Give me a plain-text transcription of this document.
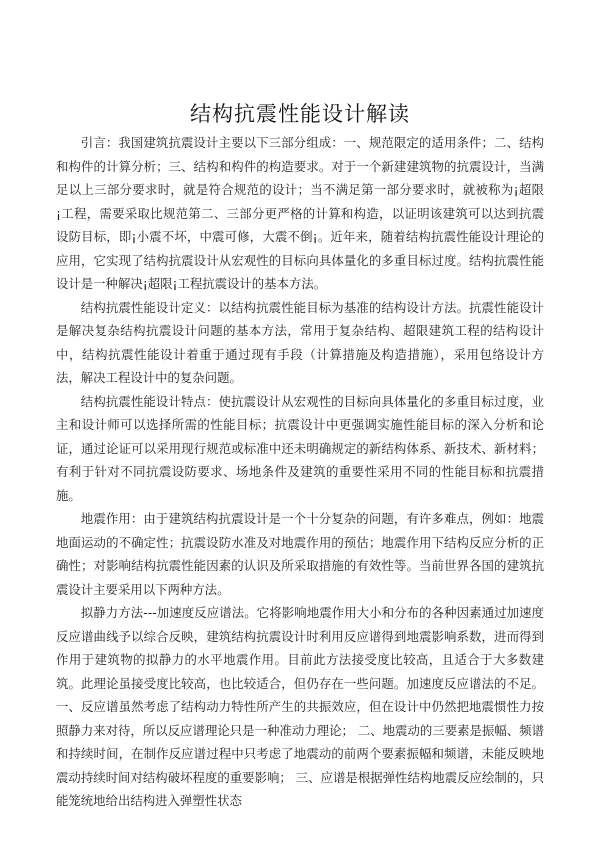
结构抗震性能设计解读

引言：我国建筑抗震设计主要以下三部分组成：一、规范限定的适用条件；二、结构和构件的计算分析；三、结构和构件的构造要求。对于一个新建建筑物的抗震设计，当满足以上三部分要求时，就是符合规范的设计；当不满足第一部分要求时，就被称为¡超限¡工程，需要采取比规范第二、三部分更严格的计算和构造，以证明该建筑可以达到抗震设防目标，即¡小震不坏，中震可修，大震不倒¡。近年来，随着结构抗震性能设计理论的应用，它实现了结构抗震设计从宏观性的目标向具体量化的多重目标过度。结构抗震性能设计是一种解决¡超限¡工程抗震设计的基本方法。

结构抗震性能设计定义：以结构抗震性能目标为基准的结构设计方法。抗震性能设计是解决复杂结构抗震设计问题的基本方法，常用于复杂结构、超限建筑工程的结构设计中，结构抗震性能设计着重于通过现有手段（计算措施及构造措施），采用包络设计方法，解决工程设计中的复杂问题。

结构抗震性能设计特点：使抗震设计从宏观性的目标向具体量化的多重目标过度，业主和设计师可以选择所需的性能目标；抗震设计中更强调实施性能目标的深入分析和论证，通过论证可以采用现行规范或标准中还未明确规定的新结构体系、新技术、新材料；有利于针对不同抗震设防要求、场地条件及建筑的重要性采用不同的性能目标和抗震措施。

地震作用：由于建筑结构抗震设计是一个十分复杂的问题，有许多难点，例如：地震地面运动的不确定性；抗震设防水准及对地震作用的预估；地震作用下结构反应分析的正确性；对影响结构抗震性能因素的认识及所采取措施的有效性等。当前世界各国的建筑抗震设计主要采用以下两种方法。

拟静力方法---加速度反应谱法。它将影响地震作用大小和分布的各种因素通过加速度反应谱曲线予以综合反映，建筑结构抗震设计时利用反应谱得到地震影响系数，进而得到作用于建筑物的拟静力的水平地震作用。目前此方法接受度比较高，且适合于大多数建筑。此理论虽接受度比较高，也比较适合，但仍存在一些问题。加速度反应谱法的不足。一、反应谱虽然考虑了结构动力特性所产生的共振效应，但在设计中仍然把地震惯性力按照静力来对待，所以反应谱理论只是一种准动力理论； 二、地震动的三要素是振幅、频谱和持续时间，在制作反应谱过程中只考虑了地震动的前两个要素振幅和频谱，未能反映地震动持续时间对结构破坏程度的重要影响； 三、应谱是根据弹性结构地震反应绘制的，只能笼统地给出结构进入弹塑性状态
